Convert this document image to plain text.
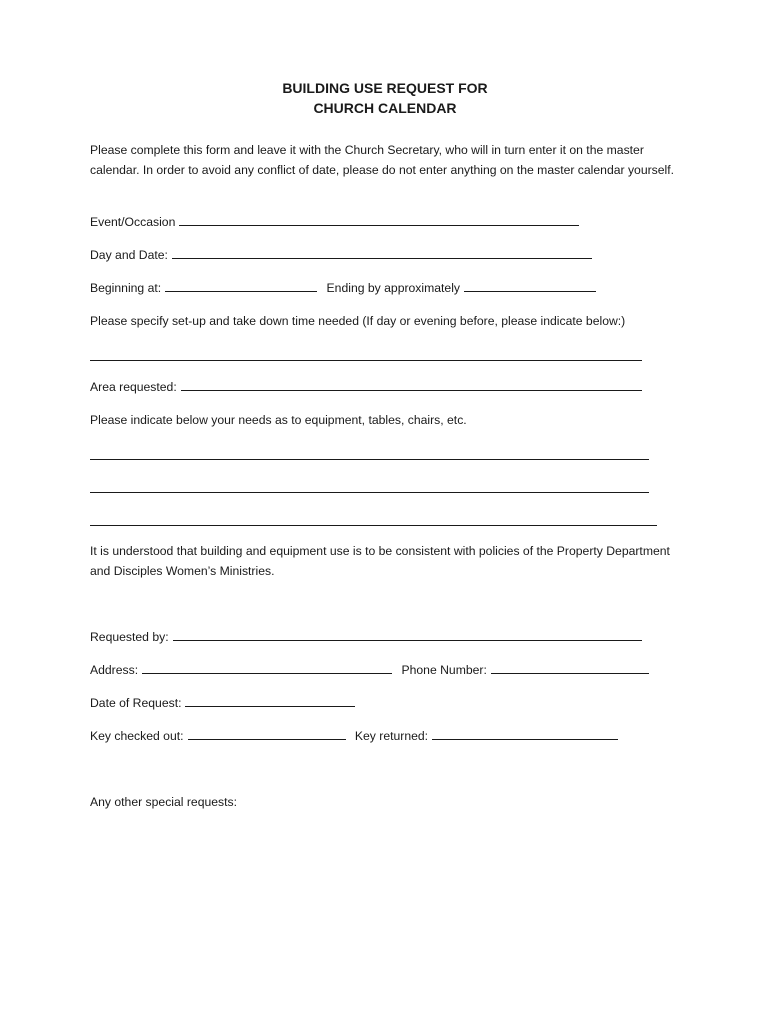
BUILDING USE REQUEST FOR
CHURCH CALENDAR
Please complete this form and leave it with the Church Secretary, who will in turn enter it on the master calendar. In order to avoid any conflict of date, please do not enter anything on the master calendar yourself.
Event/Occasion
Day and Date:
Beginning at:	Ending by approximately
Please specify set-up and take down time needed (If day or evening before, please indicate below:)
Area requested:
Please indicate below your needs as to equipment, tables, chairs, etc.
It is understood that building and equipment use is to be consistent with policies of the Property Department and Disciples Women’s Ministries.
Requested by:
Address:	Phone Number:
Date of Request:
Key checked out:	Key returned:
Any other special requests:
